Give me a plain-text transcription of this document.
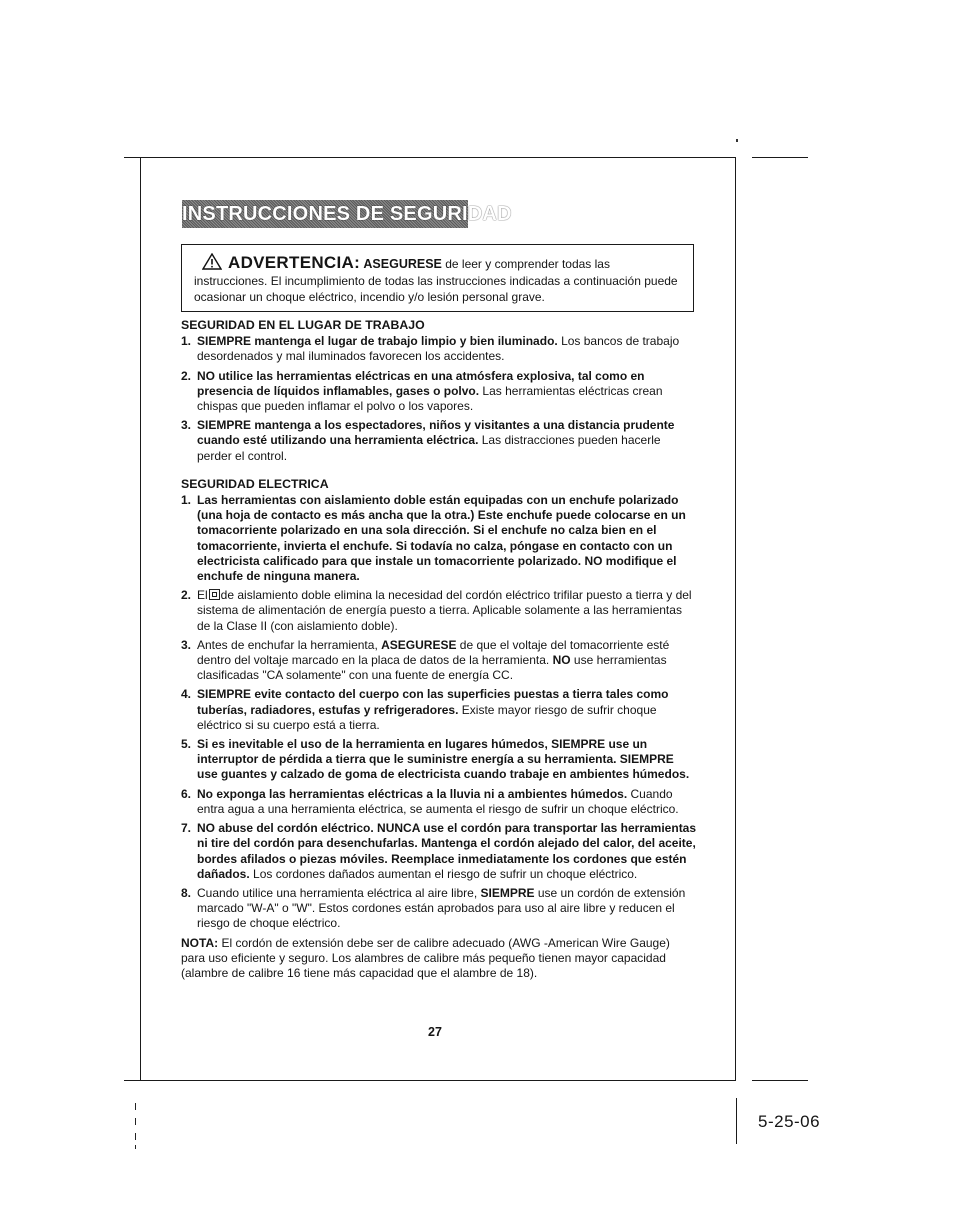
INSTRUCCIONES DE SEGURIDAD
ADVERTENCIA: ASEGURESE de leer y comprender todas las instrucciones. El incumplimiento de todas las instrucciones indicadas a continuación puede ocasionar un choque eléctrico, incendio y/o lesión personal grave.
SEGURIDAD EN EL LUGAR DE TRABAJO
1. SIEMPRE mantenga el lugar de trabajo limpio y bien iluminado. Los bancos de trabajo desordenados y mal iluminados favorecen los accidentes.
2. NO utilice las herramientas eléctricas en una atmósfera explosiva, tal como en presencia de líquidos inflamables, gases o polvo. Las herramientas eléctricas crean chispas que pueden inflamar el polvo o los vapores.
3. SIEMPRE mantenga a los espectadores, niños y visitantes a una distancia prudente cuando esté utilizando una herramienta eléctrica. Las distracciones pueden hacerle perder el control.
SEGURIDAD ELECTRICA
1. Las herramientas con aislamiento doble están equipadas con un enchufe polarizado (una hoja de contacto es más ancha que la otra.) Este enchufe puede colocarse en un tomacorriente polarizado en una sola dirección. Si el enchufe no calza bien en el tomacorriente, invierta el enchufe. Si todavía no calza, póngase en contacto con un electricista calificado para que instale un tomacorriente polarizado. NO modifique el enchufe de ninguna manera.
2. El de aislamiento doble elimina la necesidad del cordón eléctrico trifilar puesto a tierra y del sistema de alimentación de energía puesto a tierra. Aplicable solamente a las herramientas de la Clase II (con aislamiento doble).
3. Antes de enchufar la herramienta, ASEGURESE de que el voltaje del tomacorriente esté dentro del voltaje marcado en la placa de datos de la herramienta. NO use herramientas clasificadas "CA solamente" con una fuente de energía CC.
4. SIEMPRE evite contacto del cuerpo con las superficies puestas a tierra tales como tuberías, radiadores, estufas y refrigeradores. Existe mayor riesgo de sufrir choque eléctrico si su cuerpo está a tierra.
5. Si es inevitable el uso de la herramienta en lugares húmedos, SIEMPRE use un interruptor de pérdida a tierra que le suministre energía a su herramienta. SIEMPRE use guantes y calzado de goma de electricista cuando trabaje en ambientes húmedos.
6. No exponga las herramientas eléctricas a la lluvia ni a ambientes húmedos. Cuando entra agua a una herramienta eléctrica, se aumenta el riesgo de sufrir un choque eléctrico.
7. NO abuse del cordón eléctrico. NUNCA use el cordón para transportar las herramientas ni tire del cordón para desenchufarlas. Mantenga el cordón alejado del calor, del aceite, bordes afilados o piezas móviles. Reemplace inmediatamente los cordones que estén dañados. Los cordones dañados aumentan el riesgo de sufrir un choque eléctrico.
8. Cuando utilice una herramienta eléctrica al aire libre, SIEMPRE use un cordón de extensión marcado "W-A" o "W". Estos cordones están aprobados para uso al aire libre y reducen el riesgo de choque eléctrico.
NOTA: El cordón de extensión debe ser de calibre adecuado (AWG -American Wire Gauge) para uso eficiente y seguro. Los alambres de calibre más pequeño tienen mayor capacidad (alambre de calibre 16 tiene más capacidad que el alambre de 18).
27
5-25-06
